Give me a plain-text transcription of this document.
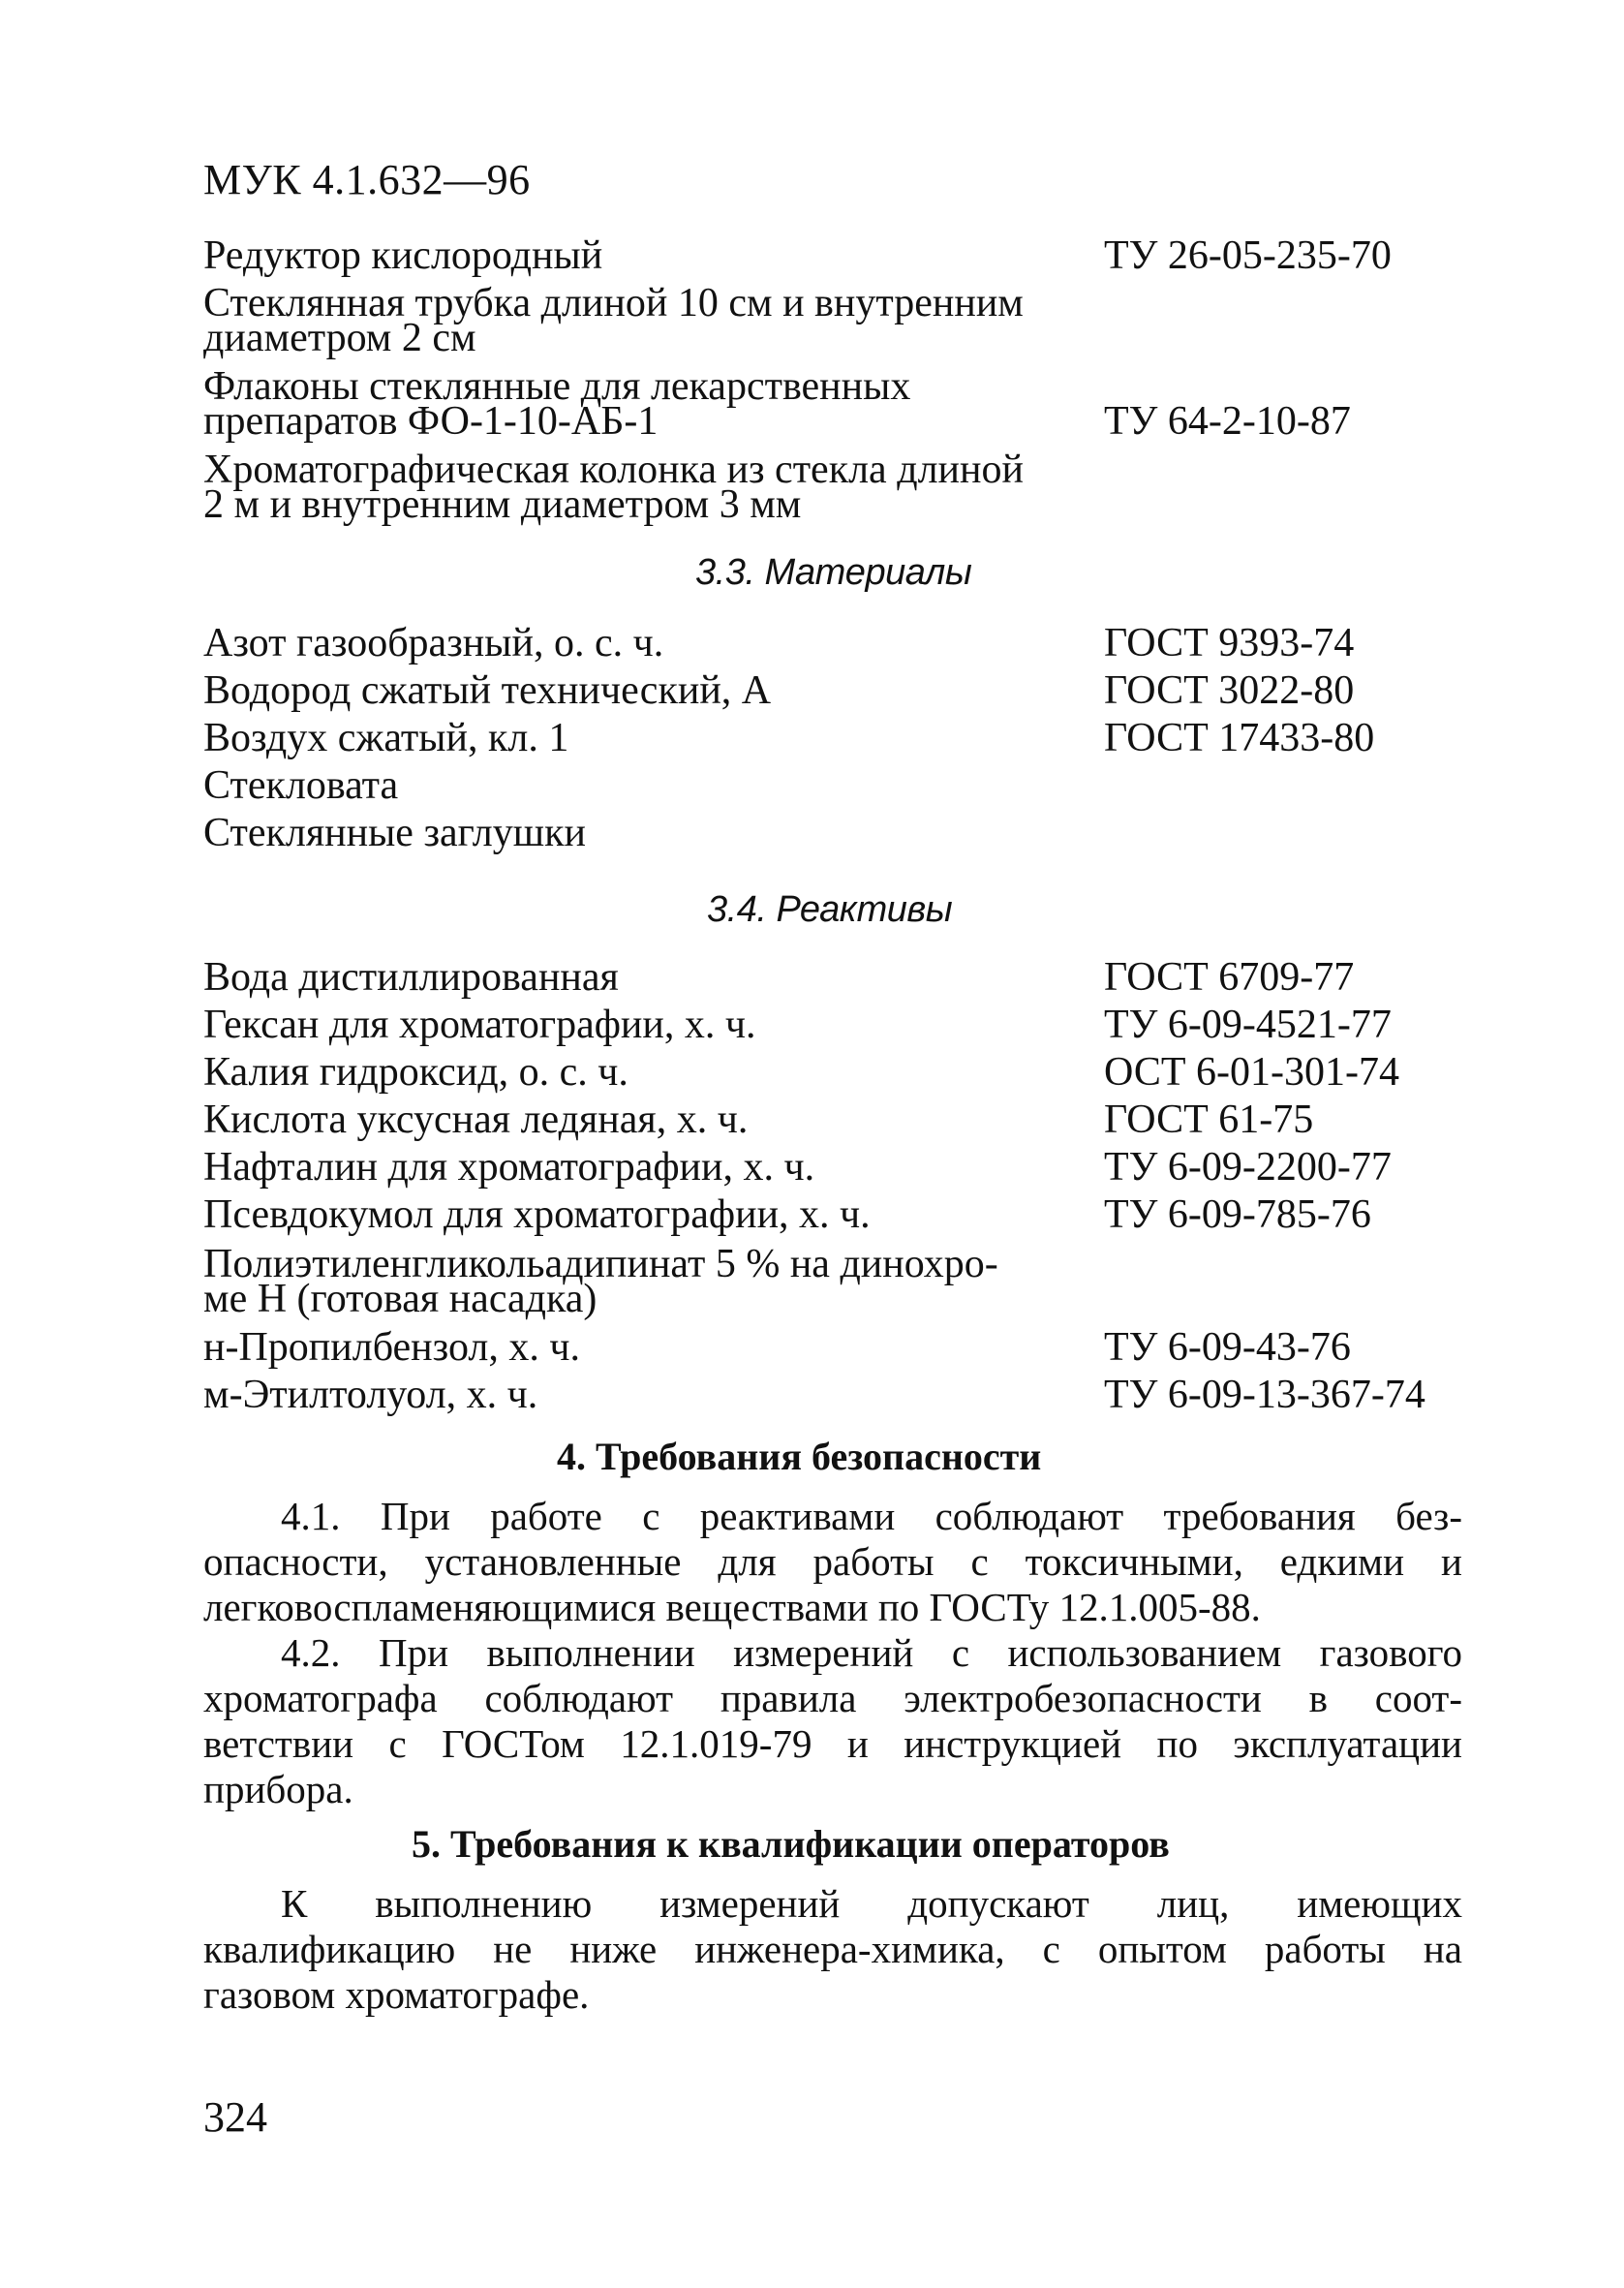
МУК 4.1.632—96
Редуктор кислородный	ТУ 26-05-235-70
Стеклянная трубка длиной 10 см и внутренним
диаметром 2 см
Флаконы стеклянные для лекарственных
препаратов ФО-1-10-АБ-1	ТУ 64-2-10-87
Хроматографическая колонка из стекла длиной
2 м и внутренним диаметром 3 мм
3.3. Материалы
Азот газообразный, о. с. ч.	ГОСТ 9393-74
Водород сжатый технический, А	ГОСТ 3022-80
Воздух сжатый, кл. 1	ГОСТ 17433-80
Стекловата
Стеклянные заглушки
3.4. Реактивы
Вода дистиллированная	ГОСТ 6709-77
Гексан для хроматографии, х. ч.	ТУ 6-09-4521-77
Калия гидроксид, о. с. ч.	ОСТ 6-01-301-74
Кислота уксусная ледяная, х. ч.	ГОСТ 61-75
Нафталин для хроматографии, х. ч.	ТУ 6-09-2200-77
Псевдокумол для хроматографии, х. ч.	ТУ 6-09-785-76
Полиэтиленгликольадипинат 5 % на динохро-
ме Н (готовая насадка)
н-Пропилбензол, х. ч.	ТУ 6-09-43-76
м-Этилтолуол, х. ч.	ТУ 6-09-13-367-74
4. Требования безопасности
4.1. При работе с реактивами соблюдают требования без-
опасности, установленные для работы с токсичными, едкими и
легковоспламеняющимися веществами по ГОСТу 12.1.005-88.
4.2. При выполнении измерений с использованием газового
хроматографа соблюдают правила электробезопасности в соот-
ветствии с ГОСТом 12.1.019-79 и инструкцией по эксплуатации
прибора.
5. Требования к квалификации операторов
К выполнению измерений допускают лиц, имеющих
квалификацию не ниже инженера-химика, с опытом работы на
газовом хроматографе.
324
